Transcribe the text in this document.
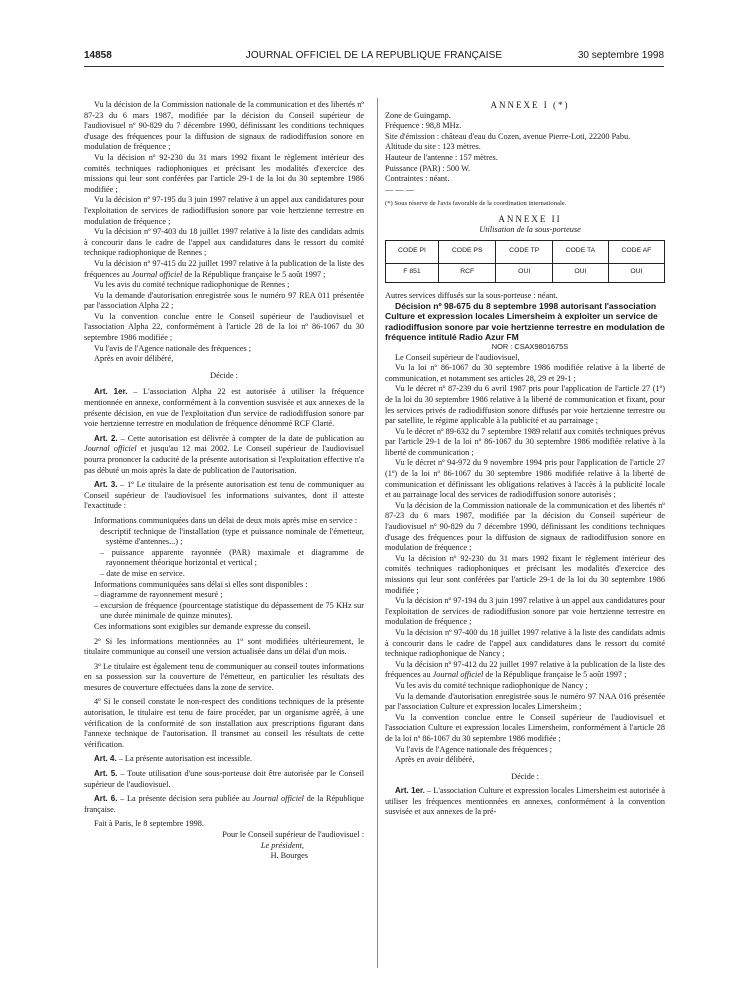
14858	JOURNAL OFFICIEL DE LA REPUBLIQUE FRANÇAISE	30 septembre 1998

Vu la décision de la Commission nationale de la communication et des libertés nº 87-23 du 6 mars 1987, modifiée par la décision du Conseil supérieur de l'audiovisuel nº 90-829 du 7 décembre 1990, définissant les conditions techniques d'usage des fréquences pour la diffusion de signaux de radiodiffusion sonore en modulation de fréquence ;

Vu la décision nº 92-230 du 31 mars 1992 fixant le règlement intérieur des comités techniques radiophoniques et précisant les modalités d'exercice des missions qui leur sont conférées par l'article 29-1 de la loi du 30 septembre 1986 modifiée ;

Vu la décision nº 97-195 du 3 juin 1997 relative à un appel aux candidatures pour l'exploitation de services de radiodiffusion sonore par voie hertzienne terrestre en modulation de fréquence ;

Vu la décision nº 97-403 du 18 juillet 1997 relative à la liste des candidats admis à concourir dans le cadre de l'appel aux candidatures dans le ressort du comité technique radiophonique de Rennes ;

Vu la décision nº 97-415 du 22 juillet 1997 relative à la publication de la liste des fréquences au Journal officiel de la République française le 5 août 1997 ;

Vu les avis du comité technique radiophonique de Rennes ;

Vu la demande d'autorisation enregistrée sous le numéro 97 REA 011 présentée par l'association Alpha 22 ;

Vu la convention conclue entre le Conseil supérieur de l'audiovisuel et l'association Alpha 22, conformément à l'article 28 de la loi nº 86-1067 du 30 septembre 1986 modifiée ;

Vu l'avis de l'Agence nationale des fréquences ;

Après en avoir délibéré,

Décide :

Art. 1er. – L'association Alpha 22 est autorisée à utiliser la fréquence mentionnée en annexe, conformément à la convention susvisée et aux annexes de la présente décision, en vue de l'exploitation d'un service de radiodiffusion sonore par voie hertzienne terrestre en modulation de fréquence dénommé RCF Clarté.

Art. 2. – Cette autorisation est délivrée à compter de la date de publication au Journal officiel et jusqu'au 12 mai 2002. Le Conseil supérieur de l'audiovisuel pourra prononcer la caducité de la présente autorisation si l'exploitation effective n'a pas débuté un mois après la date de publication de l'autorisation.

Art. 3. – 1º Le titulaire de la présente autorisation est tenu de communiquer au Conseil supérieur de l'audiovisuel les informations suivantes, dont il atteste l'exactitude :

Informations communiquées dans un délai de deux mois après mise en service :

descriptif technique de l'installation (type et puissance nominale de l'émetteur, système d'antennes...) ;
– puissance apparente rayonnée (PAR) maximale et diagramme de rayonnement théorique horizontal et vertical ;
– date de mise en service.

Informations communiquées sans délai si elles sont disponibles :

– diagramme de rayonnement mesuré ;
– excursion de fréquence (pourcentage statistique du dépassement de 75 KHz sur une durée minimale de quinze minutes).

Ces informations sont exigibles sur demande expresse du conseil.

2º Si les informations mentionnées au 1º sont modifiées ultérieurement, le titulaire communique au conseil une version actualisée dans un délai d'un mois.

3º Le titulaire est également tenu de communiquer au conseil toutes informations en sa possession sur la couverture de l'émetteur, en particulier les résultats des mesures de couverture effectuées dans la zone de service.

4º Si le conseil constate le non-respect des conditions techniques de la présente autorisation, le titulaire est tenu de faire procéder, par un organisme agréé, à une vérification de la conformité de son installation aux prescriptions figurant dans l'annexe technique de l'autorisation. Il transmet au conseil les résultats de cette vérification.

Art. 4. – La présente autorisation est incessible.

Art. 5. – Toute utilisation d'une sous-porteuse doit être autorisée par le Conseil supérieur de l'audiovisuel.

Art. 6. – La présente décision sera publiée au Journal officiel de la République française.

Fait à Paris, le 8 septembre 1998.

Pour le Conseil supérieur de l'audiovisuel :

Le président,

H. Bourges

ANNEXE I (*)

Zone de Guingamp.

Fréquence : 98,8 MHz.

Site d'émission : château d'eau du Cozen, avenue Pierre-Loti, 22200 Pabu.

Altitude du site : 123 mètres.

Hauteur de l'antenne : 157 mètres.

Puissance (PAR) : 500 W.

Contraintes : néant.

— — —

(*) Sous réserve de l'avis favorable de la coordination internationale.

ANNEXE II

Utilisation de la sous-porteuse

CODE PI	CODE PS	CODE TP	CODE TA	CODE AF
F 851	RCF	OUI	OUI	OUI

Autres services diffusés sur la sous-porteuse : néant.

Décision nº 98-675 du 8 septembre 1998 autorisant l'association Culture et expression locales Limersheim à exploiter un service de radiodiffusion sonore par voie hertzienne terrestre en modulation de fréquence intitulé Radio Azur FM

NOR : CSAX9801675S

Le Conseil supérieur de l'audiovisuel,

Vu la loi nº 86-1067 du 30 septembre 1986 modifiée relative à la liberté de communication, et notamment ses articles 28, 29 et 29-1 ;

Vu le décret nº 87-239 du 6 avril 1987 pris pour l'application de l'article 27 (1º) de la loi du 30 septembre 1986 relative à la liberté de communication et fixant, pour les services privés de radiodiffusion sonore diffusés par voie hertzienne terrestre ou par satellite, le régime applicable à la publicité et au parrainage ;

Vu le décret nº 89-632 du 7 septembre 1989 relatif aux comités techniques prévus par l'article 29-1 de la loi nº 86-1067 du 30 septembre 1986 modifiée relative à la liberté de communication ;

Vu le décret nº 94-972 du 9 novembre 1994 pris pour l'application de l'article 27 (1º) de la loi nº 86-1067 du 30 septembre 1986 modifiée relative à la liberté de communication et définissant les obligations relatives à l'accès à la publicité locale et au parrainage local des services de radiodiffusion sonore autorisés ;

Vu la décision de la Commission nationale de la communication et des libertés nº 87-23 du 6 mars 1987, modifiée par la décision du Conseil supérieur de l'audiovisuel nº 90-829 du 7 décembre 1990, définissant les conditions techniques d'usage des fréquences pour la diffusion de signaux de radiodiffusion sonore en modulation de fréquence ;

Vu la décision nº 92-230 du 31 mars 1992 fixant le règlement intérieur des comités techniques radiophoniques et précisant les modalités d'exercice des missions qui leur sont conférées par l'article 29-1 de la loi du 30 septembre 1986 modifiée ;

Vu la décision nº 97-194 du 3 juin 1997 relative à un appel aux candidatures pour l'exploitation de services de radiodiffusion sonore par voie hertzienne terrestre en modulation de fréquence ;

Vu la décision nº 97-400 du 18 juillet 1997 relative à la liste des candidats admis à concourir dans le cadre de l'appel aux candidatures dans le ressort du comité technique radiophonique de Nancy ;

Vu la décision nº 97-412 du 22 juillet 1997 relative à la publication de la liste des fréquences au Journal officiel de la République française le 5 août 1997 ;

Vu les avis du comité technique radiophonique de Nancy ;

Vu la demande d'autorisation enregistrée sous le numéro 97 NAA 016 présentée par l'association Culture et expression locales Limersheim ;

Vu la convention conclue entre le Conseil supérieur de l'audiovisuel et l'association Culture et expression locales Limersheim, conformément à l'article 28 de la loi nº 86-1067 du 30 septembre 1986 modifiée ;

Vu l'avis de l'Agence nationale des fréquences ;

Après en avoir délibéré,

Décide :

Art. 1er. – L'association Culture et expression locales Limersheim est autorisée à utiliser les fréquences mentionnées en annexes, conformément à la convention susvisée et aux annexes de la pré-
